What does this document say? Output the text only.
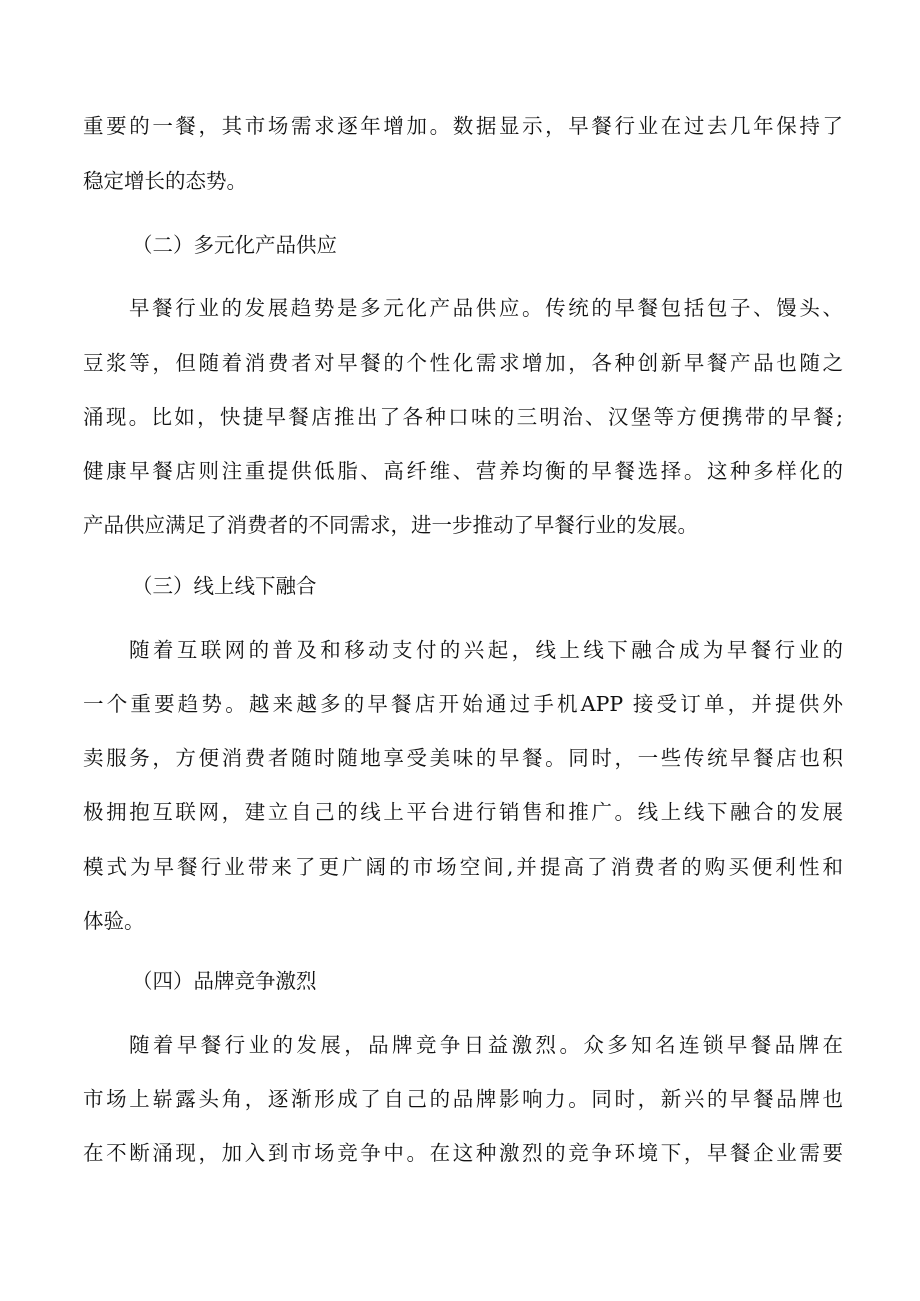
重要的一餐，其市场需求逐年增加。数据显示，早餐行业在过去几年保持了
稳定增长的态势。
（二）多元化产品供应
早餐行业的发展趋势是多元化产品供应。传统的早餐包括包子、馒头、
豆浆等，但随着消费者对早餐的个性化需求增加，各种创新早餐产品也随之
涌现。比如，快捷早餐店推出了各种口味的三明治、汉堡等方便携带的早餐;
健康早餐店则注重提供低脂、高纤维、营养均衡的早餐选择。这种多样化的
产品供应满足了消费者的不同需求，进一步推动了早餐行业的发展。
（三）线上线下融合
随着互联网的普及和移动支付的兴起，线上线下融合成为早餐行业的
一个重要趋势。越来越多的早餐店开始通过手机APP 接受订单，并提供外
卖服务，方便消费者随时随地享受美味的早餐。同时，一些传统早餐店也积
极拥抱互联网，建立自己的线上平台进行销售和推广。线上线下融合的发展
模式为早餐行业带来了更广阔的市场空间,并提高了消费者的购买便利性和
体验。
（四）品牌竞争激烈
随着早餐行业的发展，品牌竞争日益激烈。众多知名连锁早餐品牌在
市场上崭露头角，逐渐形成了自己的品牌影响力。同时，新兴的早餐品牌也
在不断涌现，加入到市场竞争中。在这种激烈的竞争环境下，早餐企业需要
